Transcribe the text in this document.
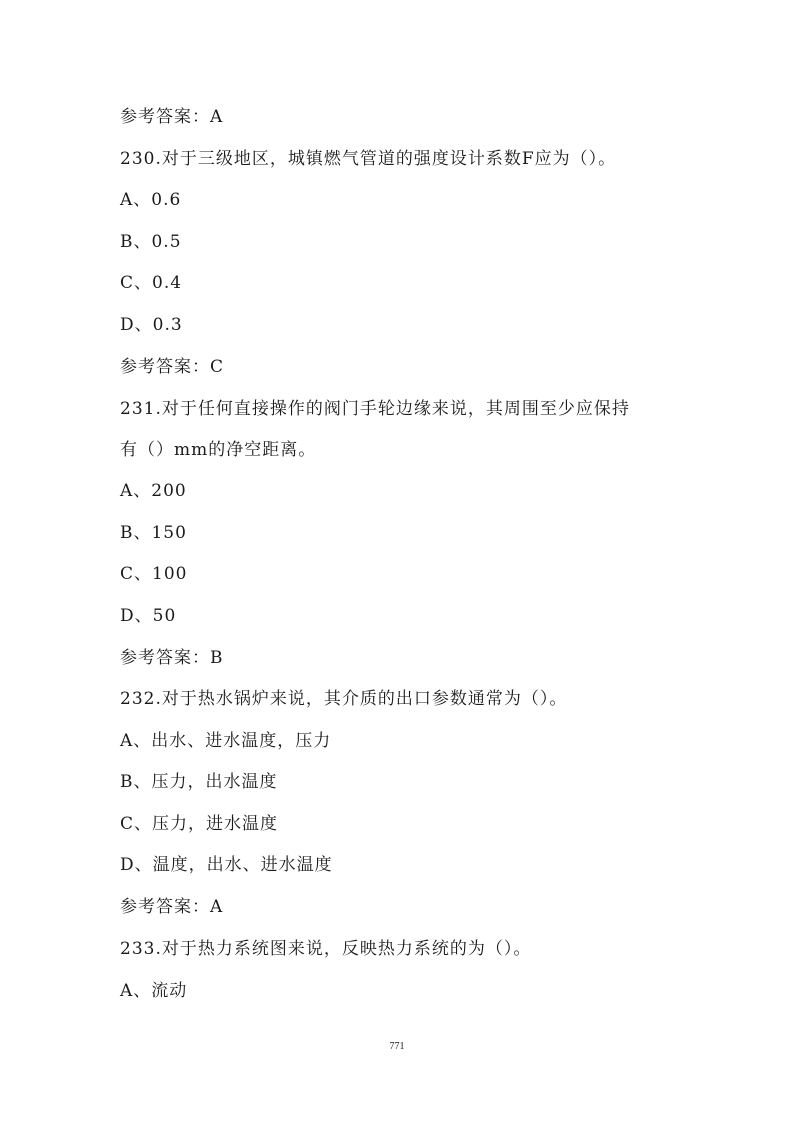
参考答案：A
230.对于三级地区，城镇燃气管道的强度设计系数F应为（）。
A、0.6
B、0.5
C、0.4
D、0.3
参考答案：C
231.对于任何直接操作的阀门手轮边缘来说，其周围至少应保持
有（）mm的净空距离。
A、200
B、150
C、100
D、50
参考答案：B
232.对于热水锅炉来说，其介质的出口参数通常为（）。
A、出水、进水温度，压力
B、压力，出水温度
C、压力，进水温度
D、温度，出水、进水温度
参考答案：A
233.对于热力系统图来说，反映热力系统的为（）。
A、流动
771
